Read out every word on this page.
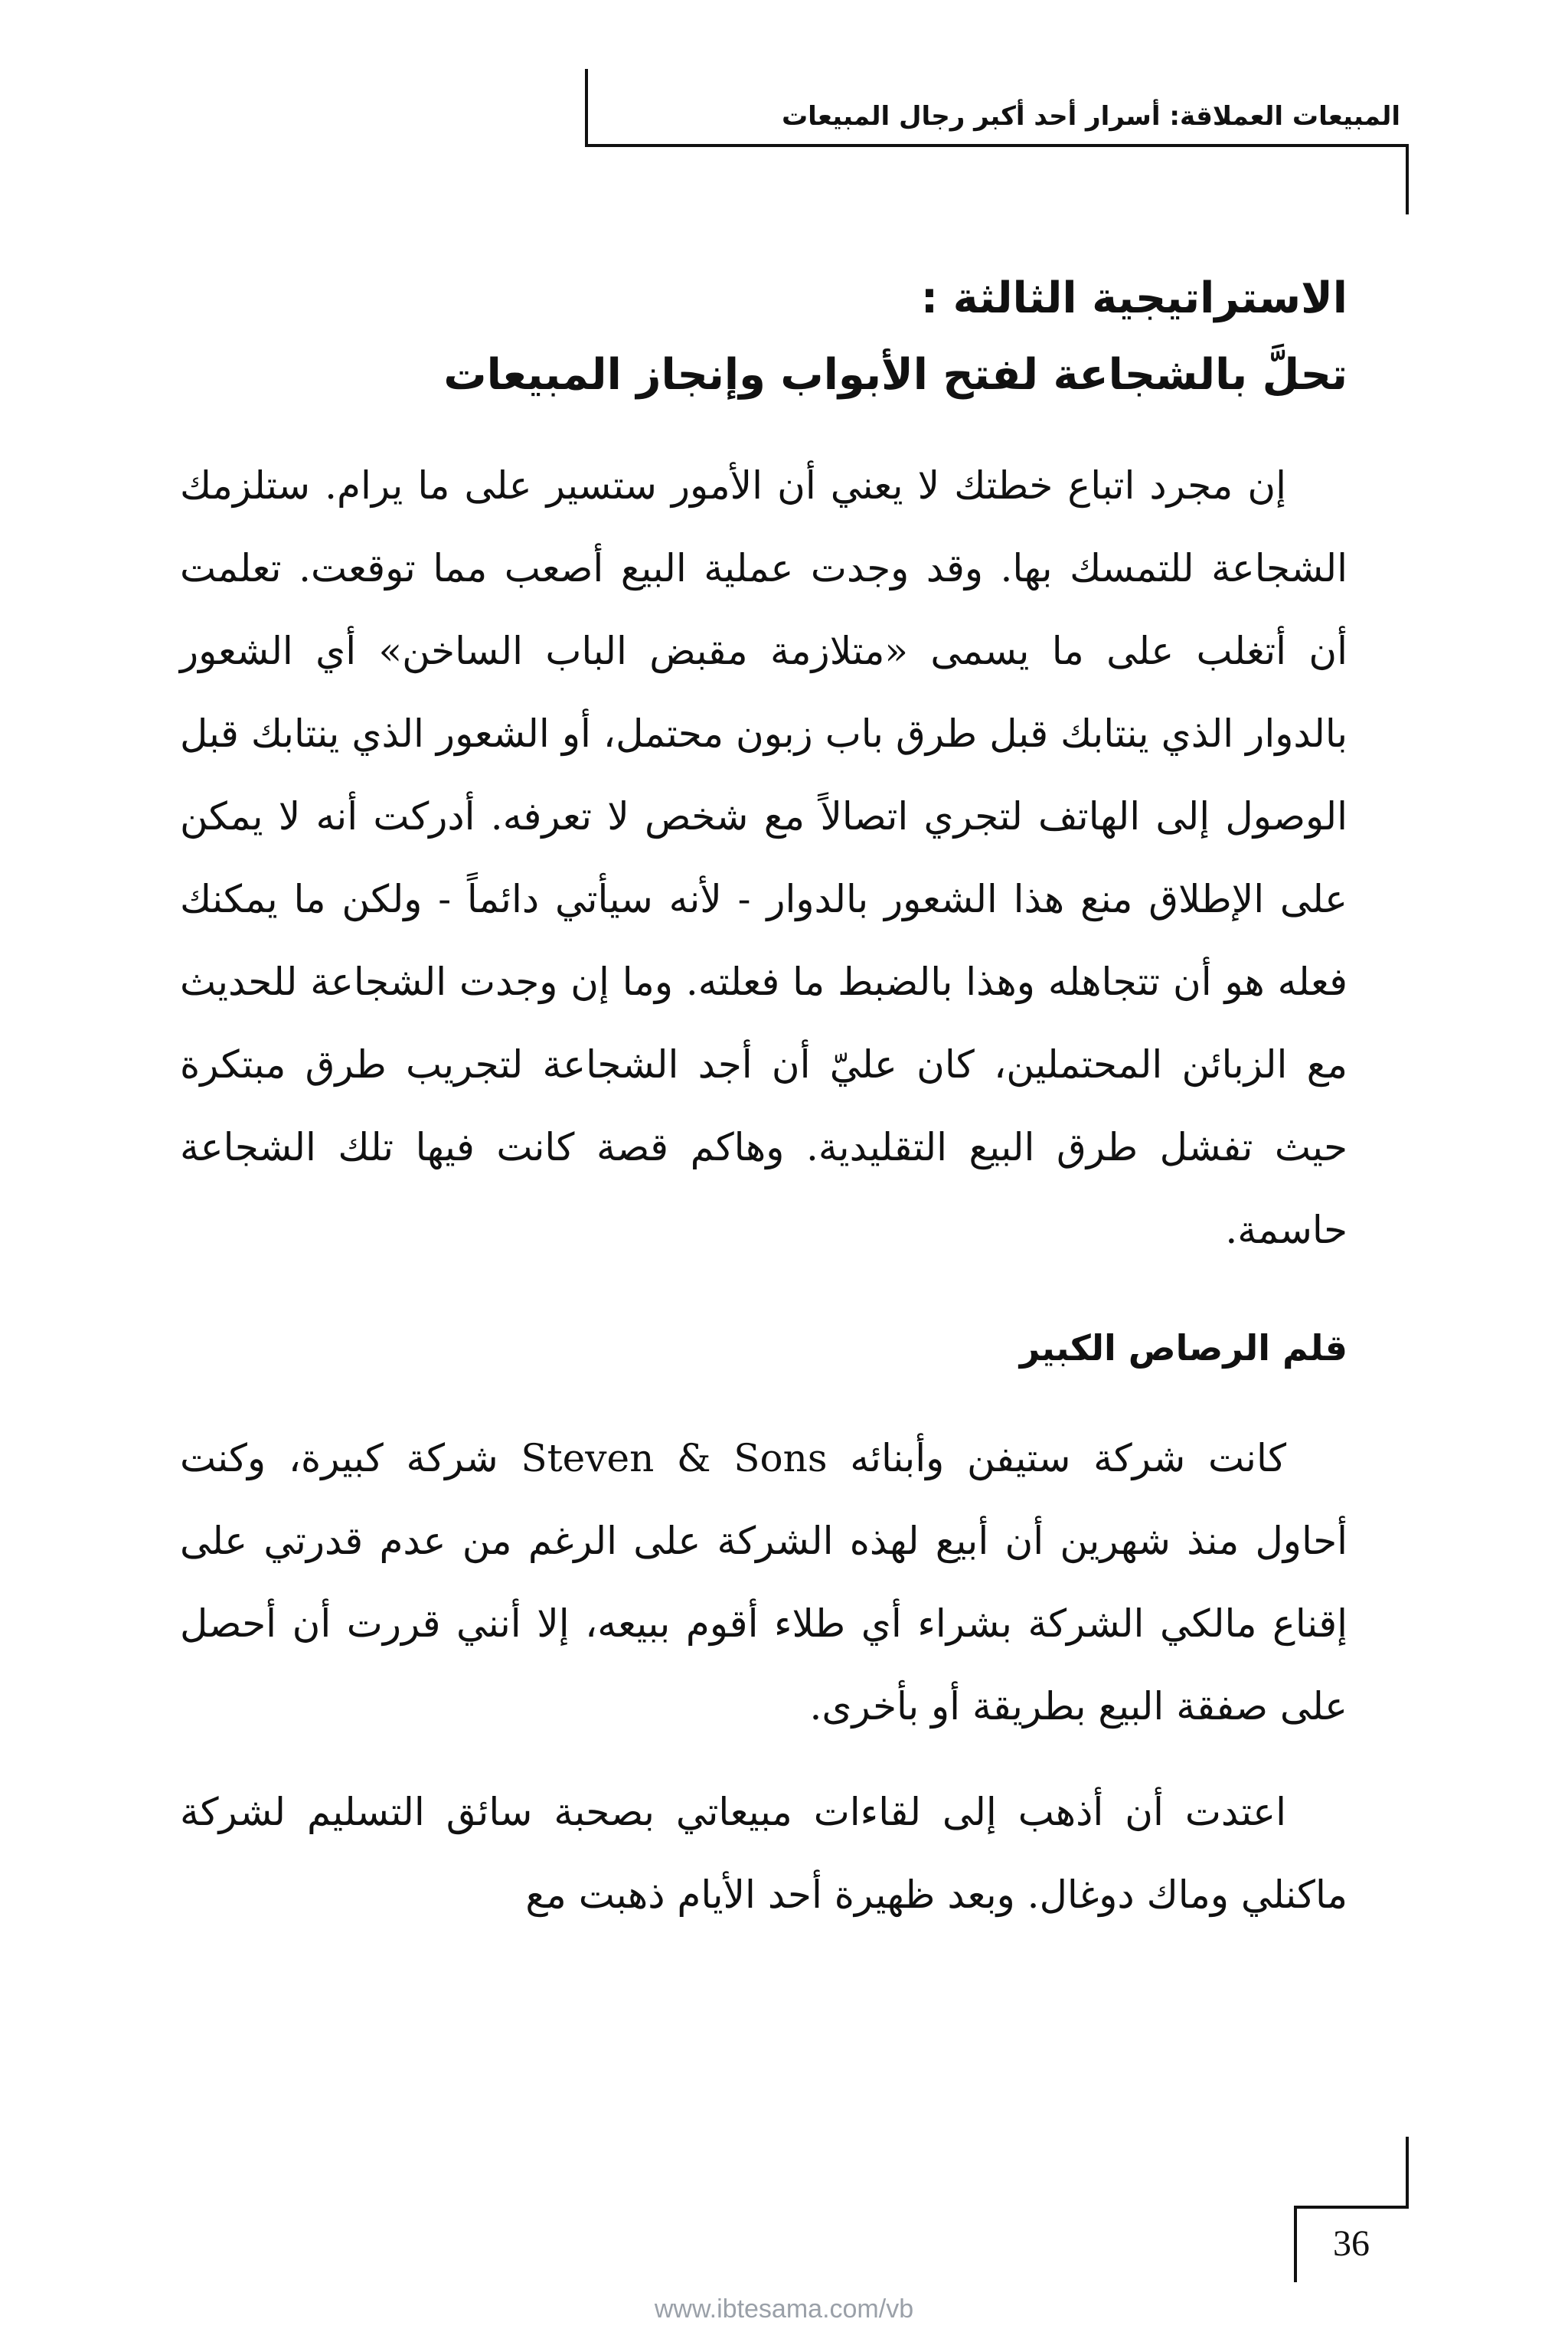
المبيعات العملاقة: أسرار أحد أكبر رجال المبيعات
الاستراتيجية الثالثة :
تحلَّ بالشجاعة لفتح الأبواب وإنجاز المبيعات

إن مجرد اتباع خطتك لا يعني أن الأمور ستسير على ما يرام. ستلزمك الشجاعة للتمسك بها. وقد وجدت عملية البيع أصعب مما توقعت. تعلمت أن أتغلب على ما يسمى «متلازمة مقبض الباب الساخن» أي الشعور بالدوار الذي ينتابك قبل طرق باب زبون محتمل، أو الشعور الذي ينتابك قبل الوصول إلى الهاتف لتجري اتصالاً مع شخص لا تعرفه. أدركت أنه لا يمكن على الإطلاق منع هذا الشعور بالدوار - لأنه سيأتي دائماً - ولكن ما يمكنك فعله هو أن تتجاهله وهذا بالضبط ما فعلته. وما إن وجدت الشجاعة للحديث مع الزبائن المحتملين، كان عليّ أن أجد الشجاعة لتجريب طرق مبتكرة حيث تفشل طرق البيع التقليدية. وهاكم قصة كانت فيها تلك الشجاعة حاسمة.

قلم الرصاص الكبير

كانت شركة ستيفن وأبنائه Steven & Sons شركة كبيرة، وكنت أحاول منذ شهرين أن أبيع لهذه الشركة على الرغم من عدم قدرتي على إقناع مالكي الشركة بشراء أي طلاء أقوم ببيعه، إلا أنني قررت أن أحصل على صفقة البيع بطريقة أو بأخرى.

اعتدت أن أذهب إلى لقاءات مبيعاتي بصحبة سائق التسليم لشركة ماكنلي وماك دوغال. وبعد ظهيرة أحد الأيام ذهبت مع

36
www.ibtesama.com/vb
